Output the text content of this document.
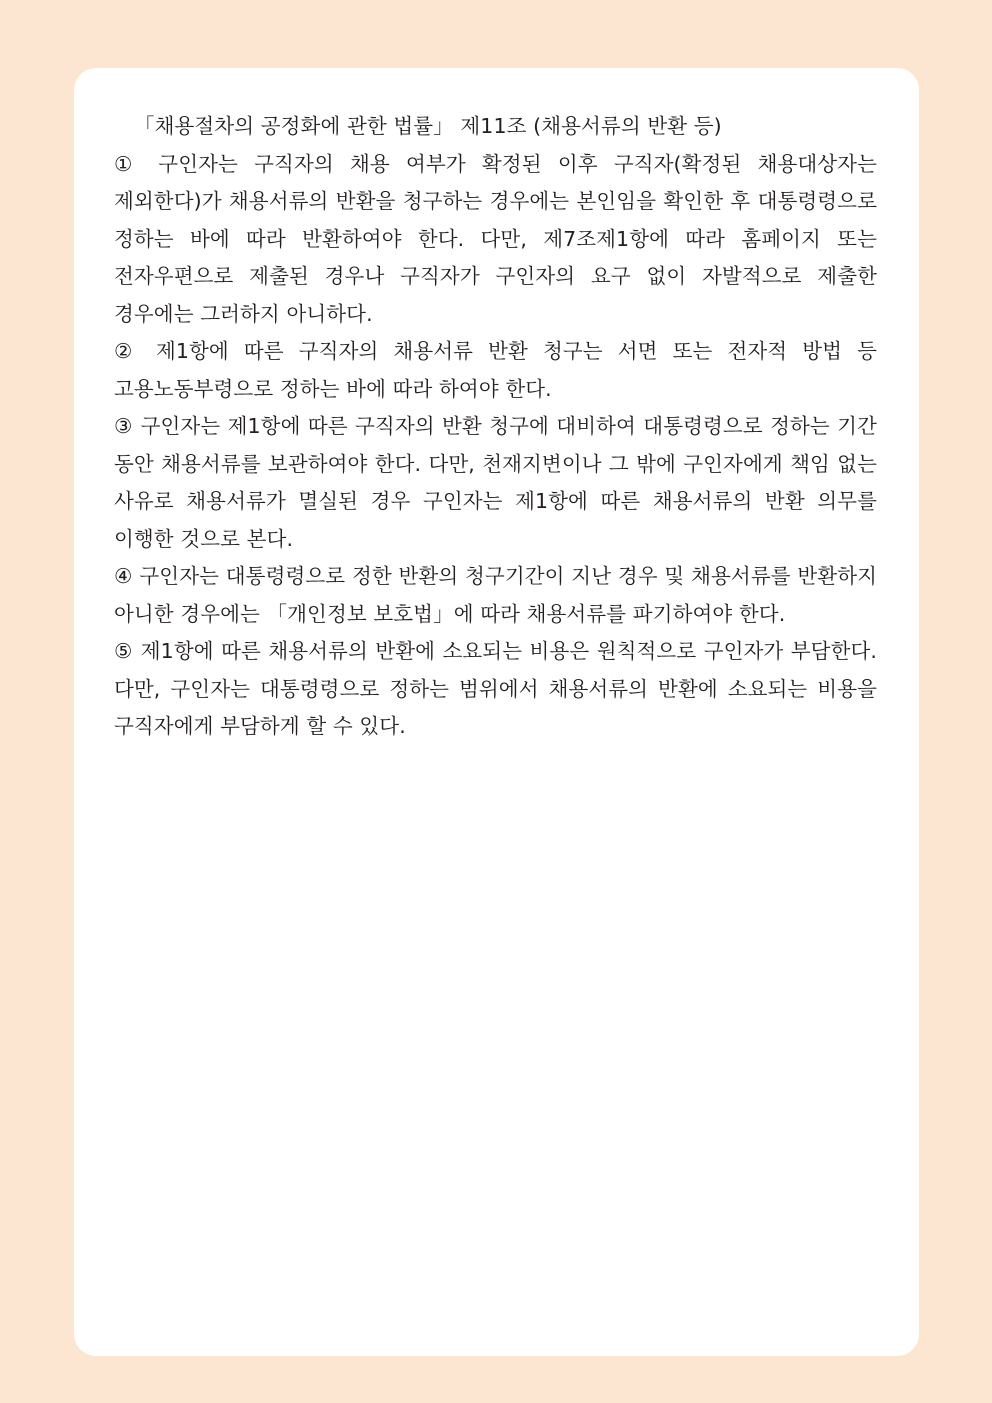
「채용절차의 공정화에 관한 법률」 제11조 (채용서류의 반환 등)

① 구인자는 구직자의 채용 여부가 확정된 이후 구직자(확정된 채용대상자는 제외한다)가 채용서류의 반환을 청구하는 경우에는 본인임을 확인한 후 대통령령으로 정하는 바에 따라 반환하여야 한다. 다만, 제7조제1항에 따라 홈페이지 또는 전자우편으로 제출된 경우나 구직자가 구인자의 요구 없이 자발적으로 제출한 경우에는 그러하지 아니하다.

② 제1항에 따른 구직자의 채용서류 반환 청구는 서면 또는 전자적 방법 등 고용노동부령으로 정하는 바에 따라 하여야 한다.

③ 구인자는 제1항에 따른 구직자의 반환 청구에 대비하여 대통령령으로 정하는 기간 동안 채용서류를 보관하여야 한다. 다만, 천재지변이나 그 밖에 구인자에게 책임 없는 사유로 채용서류가 멸실된 경우 구인자는 제1항에 따른 채용서류의 반환 의무를 이행한 것으로 본다.

④ 구인자는 대통령령으로 정한 반환의 청구기간이 지난 경우 및 채용서류를 반환하지 아니한 경우에는 「개인정보 보호법」에 따라 채용서류를 파기하여야 한다.

⑤ 제1항에 따른 채용서류의 반환에 소요되는 비용은 원칙적으로 구인자가 부담한다. 다만, 구인자는 대통령령으로 정하는 범위에서 채용서류의 반환에 소요되는 비용을 구직자에게 부담하게 할 수 있다.
